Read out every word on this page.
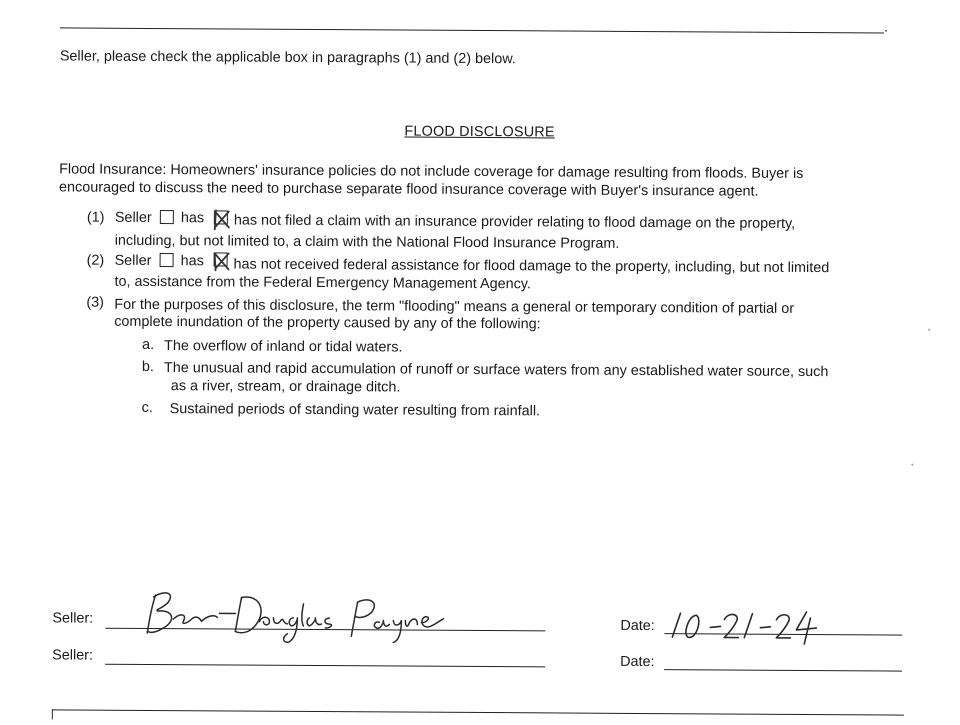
.
Seller, please check the applicable box in paragraphs (1) and (2) below.
FLOOD DISCLOSURE
Flood Insurance: Homeowners' insurance policies do not include coverage for damage resulting from floods. Buyer is
encouraged to discuss the need to purchase separate flood insurance coverage with Buyer's insurance agent.
(1) Seller has has not filed a claim with an insurance provider relating to flood damage on the property,
including, but not limited to, a claim with the National Flood Insurance Program.
(2) Seller has has not received federal assistance for flood damage to the property, including, but not limited
to, assistance from the Federal Emergency Management Agency.
(3) For the purposes of this disclosure, the term "flooding" means a general or temporary condition of partial or
complete inundation of the property caused by any of the following:
a. The overflow of inland or tidal waters.
b. The unusual and rapid accumulation of runoff or surface waters from any established water source, such
as a river, stream, or drainage ditch.
c. Sustained periods of standing water resulting from rainfall.
Seller:
Seller:
Date:
Date:
